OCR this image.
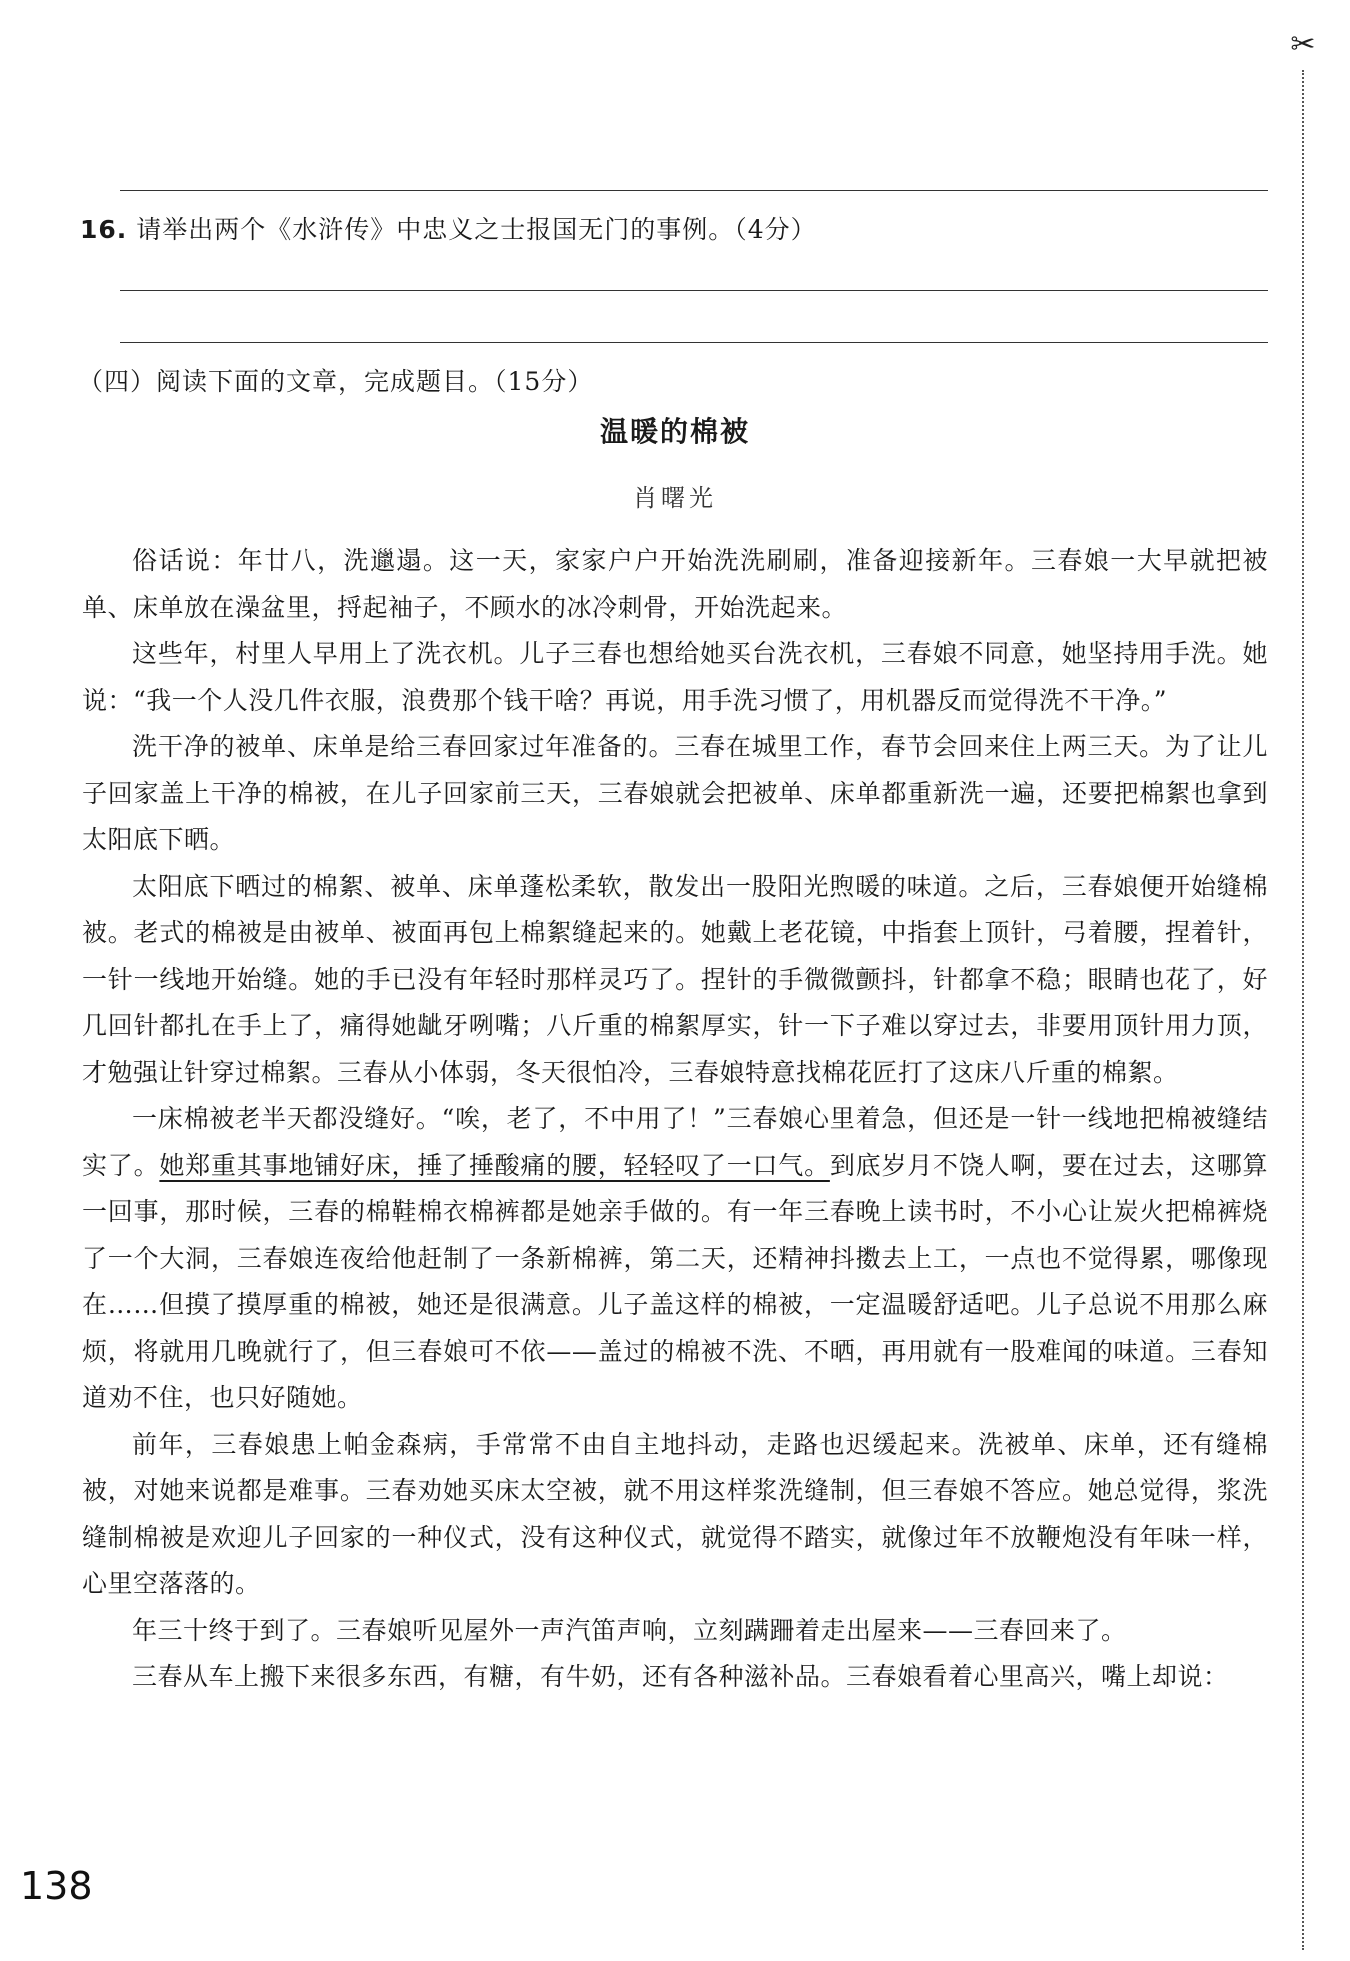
✂
16. 请举出两个《水浒传》中忠义之士报国无门的事例。（4分）
（四）阅读下面的文章，完成题目。（15分）
温暖的棉被
肖曙光

俗话说：年廿八，洗邋遢。这一天，家家户户开始洗洗刷刷，准备迎接新年。三春娘一大早就把被单、床单放在澡盆里，捋起袖子，不顾水的冰冷刺骨，开始洗起来。

这些年，村里人早用上了洗衣机。儿子三春也想给她买台洗衣机，三春娘不同意，她坚持用手洗。她说：“我一个人没几件衣服，浪费那个钱干啥？再说，用手洗习惯了，用机器反而觉得洗不干净。”

洗干净的被单、床单是给三春回家过年准备的。三春在城里工作，春节会回来住上两三天。为了让儿子回家盖上干净的棉被，在儿子回家前三天，三春娘就会把被单、床单都重新洗一遍，还要把棉絮也拿到太阳底下晒。

太阳底下晒过的棉絮、被单、床单蓬松柔软，散发出一股阳光煦暖的味道。之后，三春娘便开始缝棉被。老式的棉被是由被单、被面再包上棉絮缝起来的。她戴上老花镜，中指套上顶针，弓着腰，捏着针，一针一线地开始缝。她的手已没有年轻时那样灵巧了。捏针的手微微颤抖，针都拿不稳；眼睛也花了，好几回针都扎在手上了，痛得她龇牙咧嘴；八斤重的棉絮厚实，针一下子难以穿过去，非要用顶针用力顶，才勉强让针穿过棉絮。三春从小体弱，冬天很怕冷，三春娘特意找棉花匠打了这床八斤重的棉絮。

一床棉被老半天都没缝好。“唉，老了，不中用了！”三春娘心里着急，但还是一针一线地把棉被缝结实了。她郑重其事地铺好床，捶了捶酸痛的腰，轻轻叹了一口气。到底岁月不饶人啊，要在过去，这哪算一回事，那时候，三春的棉鞋棉衣棉裤都是她亲手做的。有一年三春晚上读书时，不小心让炭火把棉裤烧了一个大洞，三春娘连夜给他赶制了一条新棉裤，第二天，还精神抖擞去上工，一点也不觉得累，哪像现在……但摸了摸厚重的棉被，她还是很满意。儿子盖这样的棉被，一定温暖舒适吧。儿子总说不用那么麻烦，将就用几晚就行了，但三春娘可不依——盖过的棉被不洗、不晒，再用就有一股难闻的味道。三春知道劝不住，也只好随她。

前年，三春娘患上帕金森病，手常常不由自主地抖动，走路也迟缓起来。洗被单、床单，还有缝棉被，对她来说都是难事。三春劝她买床太空被，就不用这样浆洗缝制，但三春娘不答应。她总觉得，浆洗缝制棉被是欢迎儿子回家的一种仪式，没有这种仪式，就觉得不踏实，就像过年不放鞭炮没有年味一样，心里空落落的。

年三十终于到了。三春娘听见屋外一声汽笛声响，立刻蹒跚着走出屋来——三春回来了。

三春从车上搬下来很多东西，有糖，有牛奶，还有各种滋补品。三春娘看着心里高兴，嘴上却说：

138
